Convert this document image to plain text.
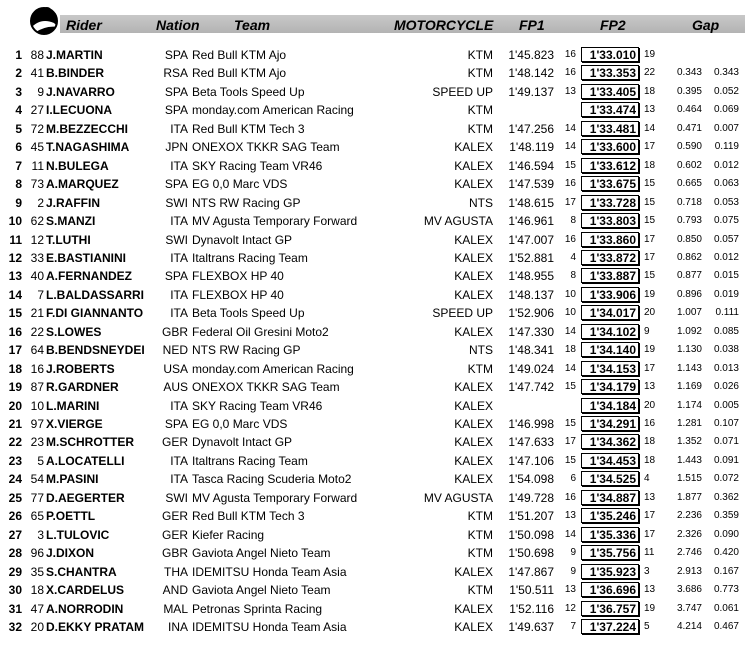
Rider	Nation Team	MOTORCYCLE FP1	FP2	Gap
1 88 J.MARTIN	SPA Red Bull KTM Ajo	KTM	1'45.823	16	1'33.010 19
2 41 B.BINDER	RSA Red Bull KTM Ajo	KTM	1'48.142	16	1'33.353 22	0.343	0.343
3	9 J.NAVARRO	SPA Beta Tools Speed Up	SPEED UP	1'49.137	13	1'33.405 18	0.395	0.052
4 27 I.LECUONA	SPA monday.com American Racing	KTM	1'33.474 13	0.464	0.069
5 72 M.BEZZECCHI	ITA Red Bull KTM Tech 3	KTM	1'47.256	14	1'33.481 14	0.471	0.007
6 45 T.NAGASHIMA	JPN ONEXOX TKKR SAG Team	KALEX	1'48.119	14	1'33.600 17	0.590	0.119
7 11 N.BULEGA	ITA SKY Racing Team VR46	KALEX	1'46.594	15	1'33.612 18	0.602	0.012
8 73 A.MARQUEZ	SPA EG 0,0 Marc VDS	KALEX	1'47.539	16	1'33.675 15	0.665	0.063
9	2 J.RAFFIN	SWI NTS RW Racing GP	NTS	1'48.615	17	1'33.728 15	0.718	0.053
10 62 S.MANZI	ITA MV Agusta Temporary Forward	MV AGUSTA	1'46.961	8	1'33.803 15	0.793	0.075
11 12 T.LUTHI	SWI Dynavolt Intact GP	KALEX	1'47.007	16	1'33.860 17	0.850	0.057
12 33 E.BASTIANINI	ITA Italtrans Racing Team	KALEX	1'52.881	4	1'33.872 17	0.862	0.012
13 40 A.FERNANDEZ	SPA FLEXBOX HP 40	KALEX	1'48.955	8	1'33.887 15	0.877	0.015
14	7 L.BALDASSARRI	ITA FLEXBOX HP 40	KALEX	1'48.137	10	1'33.906 19	0.896	0.019
15 21 F.DI GIANNANTO	ITA Beta Tools Speed Up	SPEED UP	1'52.906	10	1'34.017 20	1.007	0.111
16 22 S.LOWES	GBR Federal Oil Gresini Moto2	KALEX	1'47.330	14	1'34.102 9	1.092	0.085
17 64 B.BENDSNEYDEI NED NTS RW Racing GP	NTS	1'48.341	18	1'34.140 19	1.130	0.038
18 16 J.ROBERTS	USA monday.com American Racing	KTM	1'49.024	14	1'34.153 17	1.143	0.013
19 87 R.GARDNER	AUS ONEXOX TKKR SAG Team	KALEX	1'47.742	15	1'34.179 13	1.169	0.026
20 10 L.MARINI	ITA SKY Racing Team VR46	KALEX	1'34.184 20	1.174	0.005
21 97 X.VIERGE	SPA EG 0,0 Marc VDS	KALEX	1'46.998	15	1'34.291 16	1.281	0.107
22 23 M.SCHROTTER GER Dynavolt Intact GP	KALEX	1'47.633	17	1'34.362 18	1.352	0.071
23	5 A.LOCATELLI	ITA Italtrans Racing Team	KALEX	1'47.106	15	1'34.453 18	1.443	0.091
24 54 M.PASINI	ITA Tasca Racing Scuderia Moto2	KALEX	1'54.098	6	1'34.525 4	1.515	0.072
25 77 D.AEGERTER	SWI MV Agusta Temporary Forward	MV AGUSTA	1'49.728	16	1'34.887 13	1.877	0.362
26 65 P.OETTL	GER Red Bull KTM Tech 3	KTM	1'51.207	13	1'35.246 17	2.236	0.359
27	3 L.TULOVIC	GER Kiefer Racing	KTM	1'50.098	14	1'35.336 17	2.326	0.090
28 96 J.DIXON	GBR Gaviota Angel Nieto Team	KTM	1'50.698	9	1'35.756 11	2.746	0.420
29 35 S.CHANTRA	THA IDEMITSU Honda Team Asia	KALEX	1'47.867	9	1'35.923 3	2.913	0.167
30 18 X.CARDELUS	AND Gaviota Angel Nieto Team	KTM	1'50.511	13	1'36.696 13	3.686	0.773
31 47 A.NORRODIN	MAL Petronas Sprinta Racing	KALEX	1'52.116	12	1'36.757 19	3.747	0.061
32 20 D.EKKY PRATAM	INA IDEMITSU Honda Team Asia	KALEX	1'49.637	7	1'37.224 5	4.214	0.467
